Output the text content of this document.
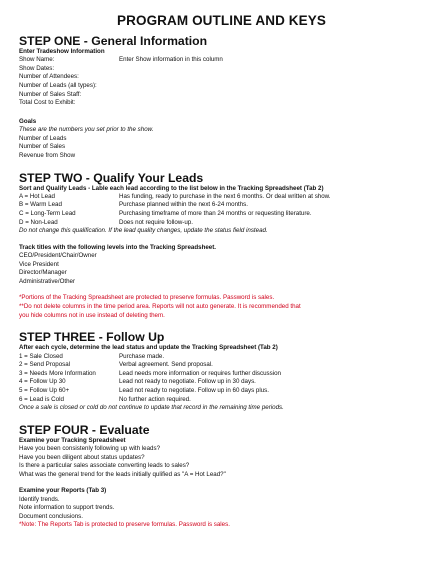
PROGRAM OUTLINE AND KEYS
STEP ONE - General Information
Enter Tradeshow Information
Show Name:	Enter Show information in this column
Show Dates:
Number of Attendees:
Number of Leads (all types):
Number of Sales Staff:
Total Cost to Exhibit:
Goals
These are the numbers you set prior to the show.
Number of Leads
Number of Sales
Revenue from Show
STEP TWO - Qualify Your Leads
Sort and Qualify Leads - Lable each lead according to the list below in the Tracking Spreadsheet (Tab 2)
A = Hot Lead	Has funding, ready to purchase in the next 6 months. Or deal written at show.
B = Warm Lead	Purchase planned within the next 6-24 months.
C = Long-Term Lead	Purchasing timeframe of more than 24 months or requesting literature.
D = Non-Lead	Does not require follow-up.
Do not change this qualification. If the lead quality changes, update the status field instead.
Track titles with the following levels into the Tracking Spreadsheet.
CEO/President/Chair/Owner
Vice President
Director/Manager
Administrative/Other
*Portions of the Tracking Spreadsheet are protected to preserve formulas. Password is sales.
**Do not delete columns in the time period area. Reports will not auto generate. It is recommended that
you hide columns not in use instead of deleting them.
STEP THREE - Follow Up
After each cycle, determine the lead status and update the Tracking Spreadsheet (Tab 2)
1 = Sale Closed	Purchase made.
2 = Send Proposal	Verbal agreement. Send proposal.
3 = Needs More Information	Lead needs more information or requires further discussion
4 = Follow Up 30	Lead not ready to negotiate. Follow up in 30 days.
5 = Follow Up 60+	Lead not ready to negotiate. Follow up in 60 days plus.
6 = Lead is Cold	No further action required.
Once a sale is closed or cold do not continue to update that record in the remaining time periods.
STEP FOUR - Evaluate
Examine your Tracking Spreadsheet
Have you been consistenly following up with leads?
Have you been diligent about status updates?
Is there a particular sales associate converting leads to sales?
What was the general trend for the leads initially qulified as "A = Hot Lead?"
Examine your Reports (Tab 3)
Identify trends.
Note information to support trends.
Document conclusions.
*Note: The Reports Tab is protected to preserve formulas. Password is sales.
